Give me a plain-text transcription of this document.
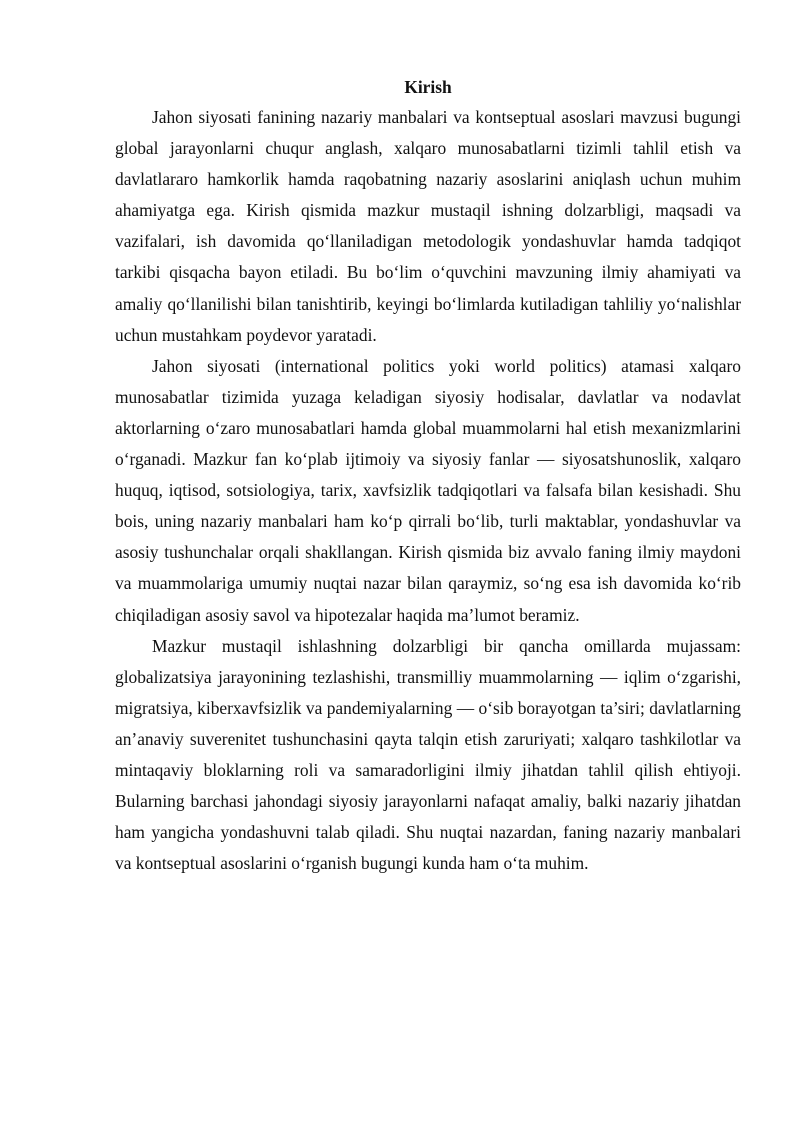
Kirish

Jahon siyosati fanining nazariy manbalari va kontseptual asoslari mavzusi bugungi global jarayonlarni chuqur anglash, xalqaro munosabatlarni tizimli tahlil etish va davlatlararo hamkorlik hamda raqobatning nazariy asoslarini aniqlash uchun muhim ahamiyatga ega. Kirish qismida mazkur mustaqil ishning dolzarbligi, maqsadi va vazifalari, ish davomida qo‘llaniladigan metodologik yondashuvlar hamda tadqiqot tarkibi qisqacha bayon etiladi. Bu bo‘lim o‘quvchini mavzuning ilmiy ahamiyati va amaliy qo‘llanilishi bilan tanishtirib, keyingi bo‘limlarda kutiladigan tahliliy yo‘nalishlar uchun mustahkam poydevor yaratadi.

Jahon siyosati (international politics yoki world politics) atamasi xalqaro munosabatlar tizimida yuzaga keladigan siyosiy hodisalar, davlatlar va nodavlat aktorlarning o‘zaro munosabatlari hamda global muammolarni hal etish mexanizmlarini o‘rganadi. Mazkur fan ko‘plab ijtimoiy va siyosiy fanlar — siyosatshunoslik, xalqaro huquq, iqtisod, sotsiologiya, tarix, xavfsizlik tadqiqotlari va falsafa bilan kesishadi. Shu bois, uning nazariy manbalari ham ko‘p qirrali bo‘lib, turli maktablar, yondashuvlar va asosiy tushunchalar orqali shakllangan. Kirish qismida biz avvalo faning ilmiy maydoni va muammolariga umumiy nuqtai nazar bilan qaraymiz, so‘ng esa ish davomida ko‘rib chiqiladigan asosiy savol va hipotezalar haqida ma’lumot beramiz.

Mazkur mustaqil ishlashning dolzarbligi bir qancha omillarda mujassam: globalizatsiya jarayonining tezlashishi, transmilliy muammolarning — iqlim o‘zgarishi, migratsiya, kiberxavfsizlik va pandemiyalarning — o‘sib borayotgan ta’siri; davlatlarning an’anaviy suverenitet tushunchasini qayta talqin etish zaruriyati; xalqaro tashkilotlar va mintaqaviy bloklarning roli va samaradorligini ilmiy jihatdan tahlil qilish ehtiyoji. Bularning barchasi jahondagi siyosiy jarayonlarni nafaqat amaliy, balki nazariy jihatdan ham yangicha yondashuvni talab qiladi. Shu nuqtai nazardan, faning nazariy manbalari va kontseptual asoslarini o‘rganish bugungi kunda ham o‘ta muhim.
